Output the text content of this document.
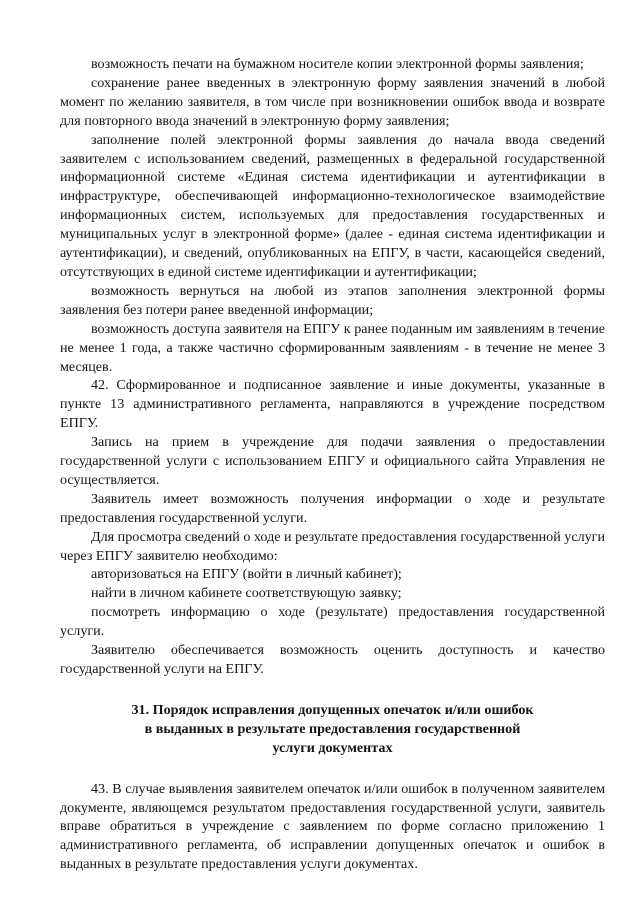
возможность печати на бумажном носителе копии электронной формы заявления;

сохранение ранее введенных в электронную форму заявления значений в любой момент по желанию заявителя, в том числе при возникновении ошибок ввода и возврате для повторного ввода значений в электронную форму заявления;

заполнение полей электронной формы заявления до начала ввода сведений заявителем с использованием сведений, размещенных в федеральной государственной информационной системе «Единая система идентификации и аутентификации в инфраструктуре, обеспечивающей информационно-технологическое взаимодействие информационных систем, используемых для предоставления государственных и муниципальных услуг в электронной форме» (далее - единая система идентификации и аутентификации), и сведений, опубликованных на ЕПГУ, в части, касающейся сведений, отсутствующих в единой системе идентификации и аутентификации;

возможность вернуться на любой из этапов заполнения электронной формы заявления без потери ранее введенной информации;

возможность доступа заявителя на ЕПГУ к ранее поданным им заявлениям в течение не менее 1 года, а также частично сформированным заявлениям - в течение не менее 3 месяцев.

42. Сформированное и подписанное заявление и иные документы, указанные в пункте 13 административного регламента, направляются в учреждение посредством ЕПГУ.

Запись на прием в учреждение для подачи заявления о предоставлении государственной услуги с использованием ЕПГУ и официального сайта Управления не осуществляется.

Заявитель имеет возможность получения информации о ходе и результате предоставления государственной услуги.

Для просмотра сведений о ходе и результате предоставления государственной услуги через ЕПГУ заявителю необходимо:

авторизоваться на ЕПГУ (войти в личный кабинет);

найти в личном кабинете соответствующую заявку;

посмотреть информацию о ходе (результате) предоставления государственной услуги.

Заявителю обеспечивается возможность оценить доступность и качество государственной услуги на ЕПГУ.

31. Порядок исправления допущенных опечаток и/или ошибок
в выданных в результате предоставления государственной
услуги документах

43. В случае выявления заявителем опечаток и/или ошибок в полученном заявителем документе, являющемся результатом предоставления государственной услуги, заявитель вправе обратиться в учреждение с заявлением по форме согласно приложению 1 административного регламента, об исправлении допущенных опечаток и ошибок в выданных в результате предоставления услуги документах.
